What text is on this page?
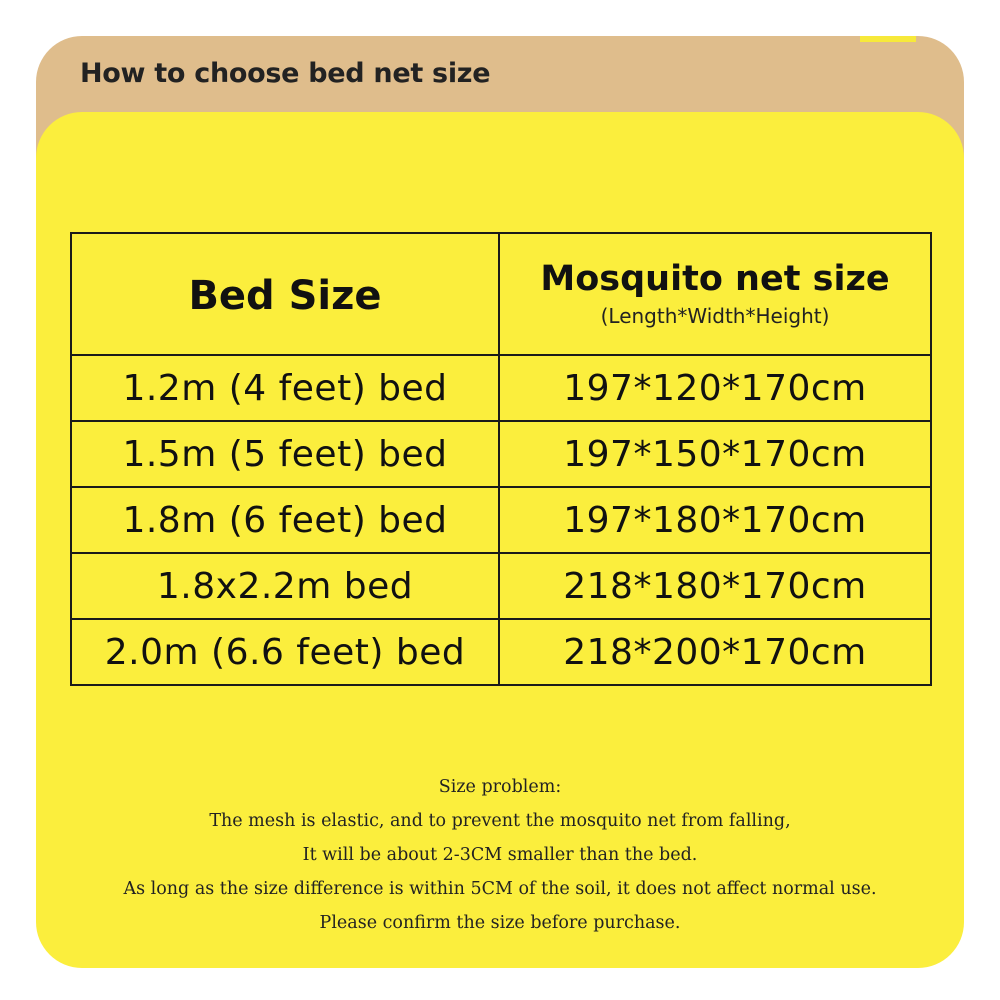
How to choose bed net size
Bed Size	Mosquito net size
(Length*Width*Height)

1.2m (4 feet) bed	197*120*170cm
1.5m (5 feet) bed	197*150*170cm
1.8m (6 feet) bed	197*180*170cm
1.8x2.2m bed	218*180*170cm
2.0m (6.6 feet) bed	218*200*170cm
Size problem:
The mesh is elastic, and to prevent the mosquito net from falling,
It will be about 2-3CM smaller than the bed.
As long as the size difference is within 5CM of the soil, it does not affect normal use.
Please confirm the size before purchase.
